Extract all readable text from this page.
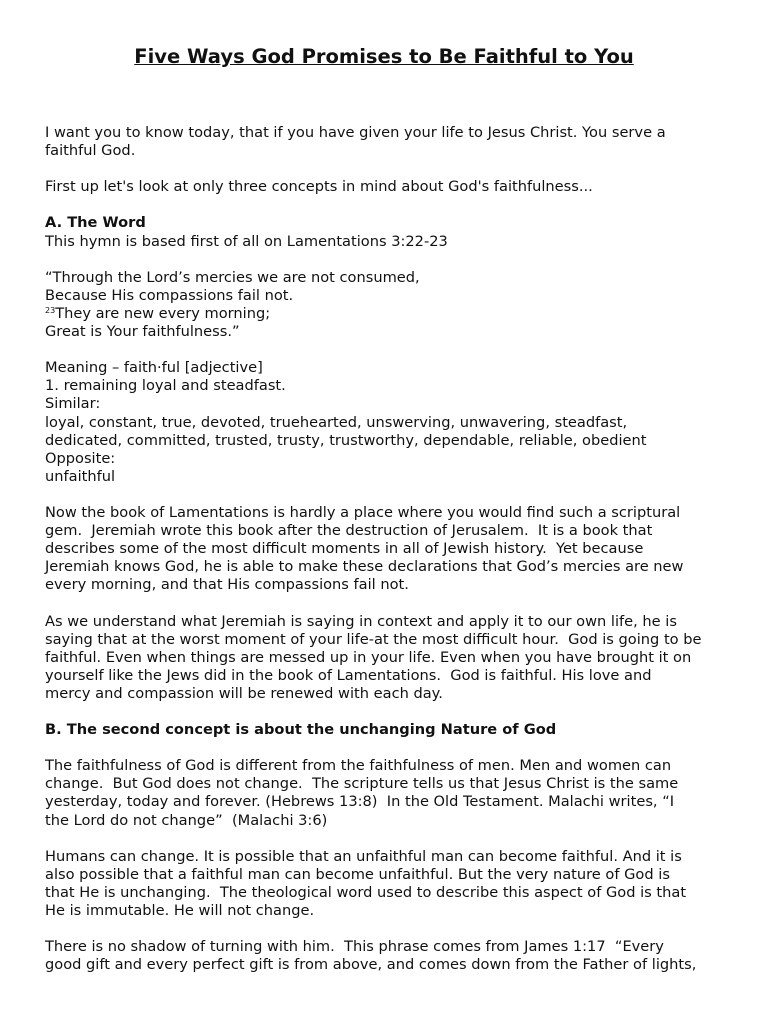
Five Ways God Promises to Be Faithful to You
I want you to know today, that if you have given your life to Jesus Christ. You serve a
faithful God.
First up let's look at only three concepts in mind about God's faithfulness...
A. The Word
This hymn is based first of all on Lamentations 3:22-23
“Through the Lord’s mercies we are not consumed,
Because His compassions fail not.
$^{23}$They are new every morning;
Great is Your faithfulness.”
Meaning – faith·ful [adjective]
1. remaining loyal and steadfast.
Similar:
loyal, constant, true, devoted, truehearted, unswerving, unwavering, steadfast,
dedicated, committed, trusted, trusty, trustworthy, dependable, reliable, obedient
Opposite:
unfaithful
Now the book of Lamentations is hardly a place where you would find such a scriptural
gem.  Jeremiah wrote this book after the destruction of Jerusalem.  It is a book that
describes some of the most difficult moments in all of Jewish history.  Yet because
Jeremiah knows God, he is able to make these declarations that God’s mercies are new
every morning, and that His compassions fail not.
As we understand what Jeremiah is saying in context and apply it to our own life, he is
saying that at the worst moment of your life-at the most difficult hour.  God is going to be
faithful. Even when things are messed up in your life. Even when you have brought it on
yourself like the Jews did in the book of Lamentations.  God is faithful. His love and
mercy and compassion will be renewed with each day.
B. The second concept is about the unchanging Nature of God
The faithfulness of God is different from the faithfulness of men. Men and women can
change.  But God does not change.  The scripture tells us that Jesus Christ is the same
yesterday, today and forever. (Hebrews 13:8)  In the Old Testament. Malachi writes, “I
the Lord do not change”  (Malachi 3:6)
Humans can change. It is possible that an unfaithful man can become faithful. And it is
also possible that a faithful man can become unfaithful. But the very nature of God is
that He is unchanging.  The theological word used to describe this aspect of God is that
He is immutable. He will not change.
There is no shadow of turning with him.  This phrase comes from James 1:17  “Every
good gift and every perfect gift is from above, and comes down from the Father of lights,
